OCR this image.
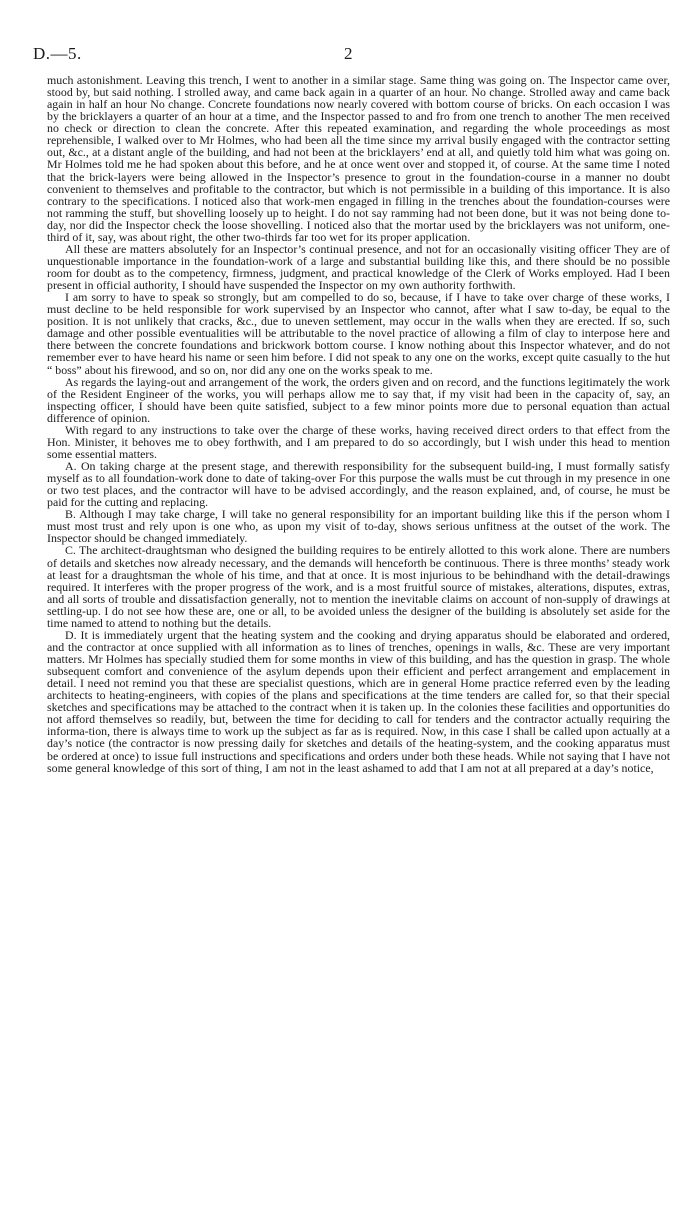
D.—5.	2

much astonishment. Leaving this trench, I went to another in a similar stage. Same thing was going on. The Inspector came over, stood by, but said nothing. I strolled away, and came back again in a quarter of an hour. No change. Strolled away and came back again in half an hour No change. Concrete foundations now nearly covered with bottom course of bricks. On each occasion I was by the bricklayers a quarter of an hour at a time, and the Inspector passed to and fro from one trench to another The men received no check or direction to clean the concrete. After this repeated examination, and regarding the whole proceedings as most reprehensible, I walked over to Mr Holmes, who had been all the time since my arrival busily engaged with the contractor setting out, &c., at a distant angle of the building, and had not been at the bricklayers’ end at all, and quietly told him what was going on. Mr Holmes told me he had spoken about this before, and he at once went over and stopped it, of course. At the same time I noted that the brick-layers were being allowed in the Inspector’s presence to grout in the foundation-course in a manner no doubt convenient to themselves and profitable to the contractor, but which is not permissible in a building of this importance. It is also contrary to the specifications. I noticed also that work-men engaged in filling in the trenches about the foundation-courses were not ramming the stuff, but shovelling loosely up to height. I do not say ramming had not been done, but it was not being done to-day, nor did the Inspector check the loose shovelling. I noticed also that the mortar used by the bricklayers was not uniform, one-third of it, say, was about right, the other two-thirds far too wet for its proper application.

All these are matters absolutely for an Inspector’s continual presence, and not for an occasionally visiting officer They are of unquestionable importance in the foundation-work of a large and substantial building like this, and there should be no possible room for doubt as to the competency, firmness, judgment, and practical knowledge of the Clerk of Works employed. Had I been present in official authority, I should have suspended the Inspector on my own authority forthwith.

I am sorry to have to speak so strongly, but am compelled to do so, because, if I have to take over charge of these works, I must decline to be held responsible for work supervised by an Inspector who cannot, after what I saw to-day, be equal to the position. It is not unlikely that cracks, &c., due to uneven settlement, may occur in the walls when they are erected. If so, such damage and other possible eventualities will be attributable to the novel practice of allowing a film of clay to interpose here and there between the concrete foundations and brickwork bottom course. I know nothing about this Inspector whatever, and do not remember ever to have heard his name or seen him before. I did not speak to any one on the works, except quite casually to the hut “ boss” about his firewood, and so on, nor did any one on the works speak to me.

As regards the laying-out and arrangement of the work, the orders given and on record, and the functions legitimately the work of the Resident Engineer of the works, you will perhaps allow me to say that, if my visit had been in the capacity of, say, an inspecting officer, I should have been quite satisfied, subject to a few minor points more due to personal equation than actual difference of opinion.

With regard to any instructions to take over the charge of these works, having received direct orders to that effect from the Hon. Minister, it behoves me to obey forthwith, and I am prepared to do so accordingly, but I wish under this head to mention some essential matters.

A. On taking charge at the present stage, and therewith responsibility for the subsequent build-ing, I must formally satisfy myself as to all foundation-work done to date of taking-over For this purpose the walls must be cut through in my presence in one or two test places, and the contractor will have to be advised accordingly, and the reason explained, and, of course, he must be paid for the cutting and replacing.

B. Although I may take charge, I will take no general responsibility for an important building like this if the person whom I must most trust and rely upon is one who, as upon my visit of to-day, shows serious unfitness at the outset of the work. The Inspector should be changed immediately.

C. The architect-draughtsman who designed the building requires to be entirely allotted to this work alone. There are numbers of details and sketches now already necessary, and the demands will henceforth be continuous. There is three months’ steady work at least for a draughtsman the whole of his time, and that at once. It is most injurious to be behindhand with the detail-drawings required. It interferes with the proper progress of the work, and is a most fruitful source of mistakes, alterations, disputes, extras, and all sorts of trouble and dissatisfaction generally, not to mention the inevitable claims on account of non-supply of drawings at settling-up. I do not see how these are, one or all, to be avoided unless the designer of the building is absolutely set aside for the time named to attend to nothing but the details.

D. It is immediately urgent that the heating system and the cooking and drying apparatus should be elaborated and ordered, and the contractor at once supplied with all information as to lines of trenches, openings in walls, &c. These are very important matters. Mr Holmes has specially studied them for some months in view of this building, and has the question in grasp. The whole subsequent comfort and convenience of the asylum depends upon their efficient and perfect arrangement and emplacement in detail. I need not remind you that these are specialist questions, which are in general Home practice referred even by the leading architects to heating-engineers, with copies of the plans and specifications at the time tenders are called for, so that their special sketches and specifications may be attached to the contract when it is taken up. In the colonies these facilities and opportunities do not afford themselves so readily, but, between the time for deciding to call for tenders and the contractor actually requiring the informa-tion, there is always time to work up the subject as far as is required. Now, in this case I shall be called upon actually at a day’s notice (the contractor is now pressing daily for sketches and details of the heating-system, and the cooking apparatus must be ordered at once) to issue full instructions and specifications and orders under both these heads. While not saying that I have not some general knowledge of this sort of thing, I am not in the least ashamed to add that I am not at all prepared at a day’s notice,
